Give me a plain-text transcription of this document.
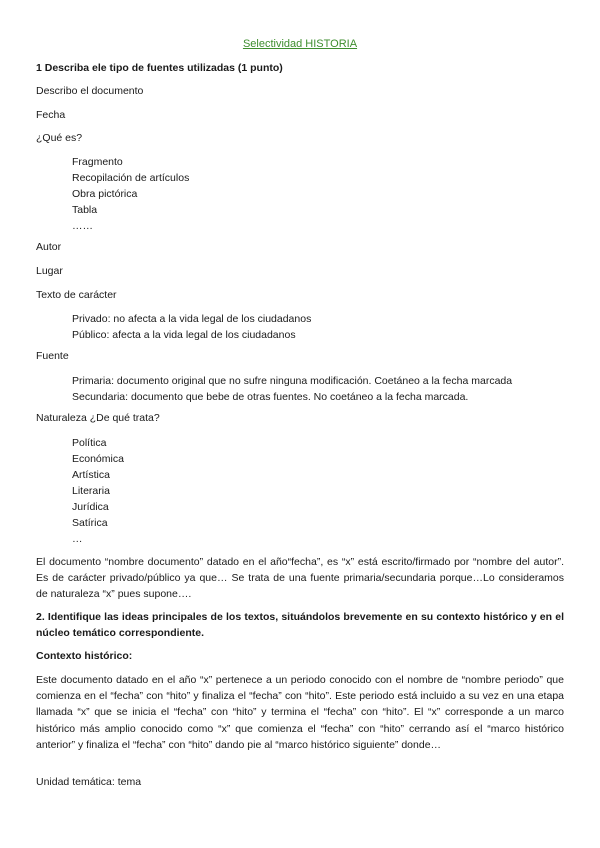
Selectividad HISTORIA
1 Describa ele tipo de fuentes utilizadas (1 punto)
Describo el documento
Fecha
¿Qué es?
Fragmento
Recopilación de artículos
Obra pictórica
Tabla
……
Autor
Lugar
Texto de carácter
Privado: no afecta a la vida legal de los ciudadanos
Público: afecta a la vida legal de los ciudadanos
Fuente
Primaria: documento original que no sufre ninguna modificación. Coetáneo a la fecha marcada
Secundaria: documento que bebe de otras fuentes. No coetáneo a la fecha marcada.
Naturaleza ¿De qué trata?
Política
Económica
Artística
Literaria
Jurídica
Satírica
…
El documento “nombre documento” datado en el año“fecha”, es “x” está escrito/firmado por “nombre del autor”. Es de carácter privado/público ya que… Se trata de una fuente primaria/secundaria porque…Lo consideramos de naturaleza “x” pues supone….
2. Identifique las ideas principales de los textos, situándolos brevemente en su contexto histórico y en el núcleo temático correspondiente.
Contexto histórico:
Este documento datado en el año “x” pertenece a un periodo conocido con el nombre de “nombre periodo” que comienza en el “fecha” con “hito” y finaliza el “fecha” con “hito”. Este periodo está incluido a su vez en una etapa llamada “x” que se inicia el “fecha” con “hito” y termina el “fecha” con “hito”. El “x” corresponde a un marco histórico más amplio conocido como “x” que comienza el “fecha” con “hito” cerrando así el “marco histórico anterior” y finaliza el “fecha” con “hito” dando pie al “marco histórico siguiente” donde…
Unidad temática: tema
